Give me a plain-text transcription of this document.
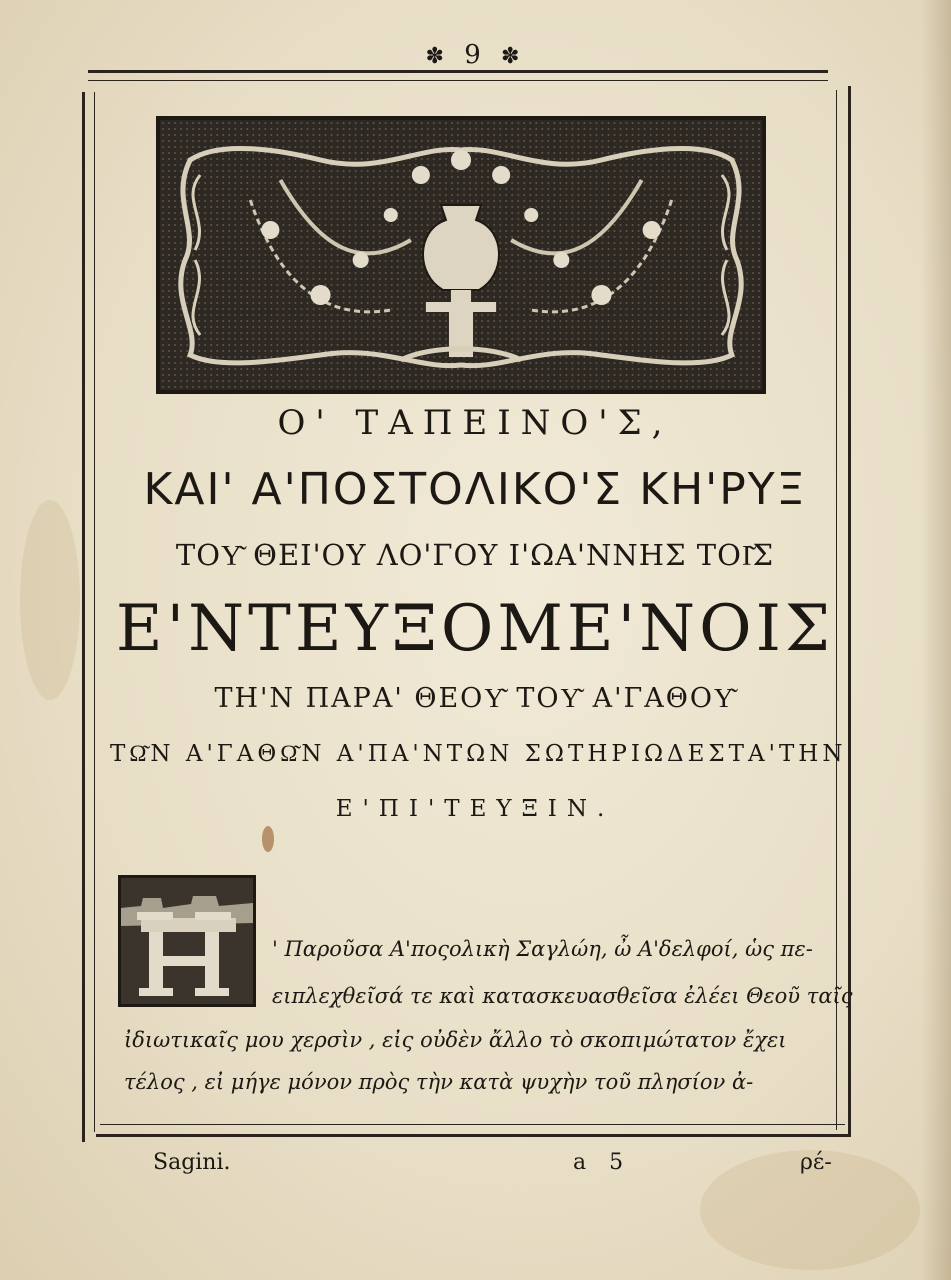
✽ 9 ✽
Ο' ΤΑΠΕΙΝΟ'Σ,
ΚΑΙ' Α'ΠΟΣΤΟΛΙΚΟ'Σ ΚΗ'ΡΥΞ
ΤΟΥ͂ ΘΕΙ'ΟΥ ΛΟ'ΓΟΥ Ι'ΩΑ'ΝΝΗΣ ΤΟΙ͂Σ
Ε'ΝΤΕΥΞΟΜΕ'ΝΟΙΣ
ΤΗ'Ν ΠΑΡΑ' ΘΕΟΥ͂ ΤΟΥ͂ Α'ΓΑΘΟΥ͂
ΤΩ͂Ν Α'ΓΑΘΩ͂Ν Α'ΠΑ'ΝΤΩΝ ΣΩΤΗΡΙΩΔΕΣΤΑ'ΤΗΝ
Ε'ΠΙ'ΤΕΥΞΙΝ.
' Παροῦσα Α'ποςολικὴ Σαγλώη, ὦ Α'δελφοί, ὡς πε-
ειπλεχθεῖσά τε καὶ κατασκευασθεῖσα ἐλέει Θεοῦ ταῖς
ἰδιωτικαῖς μου χερσὶν , εἰς οὐδὲν ἄλλο τὸ σκοπιμώτατον ἔχει
τέλος , εἰ μήγε μόνον πρὸς τὴν κατὰ ψυχὴν τοῦ πλησίον ἀ-
Sagini.	a 5	ρέ-
